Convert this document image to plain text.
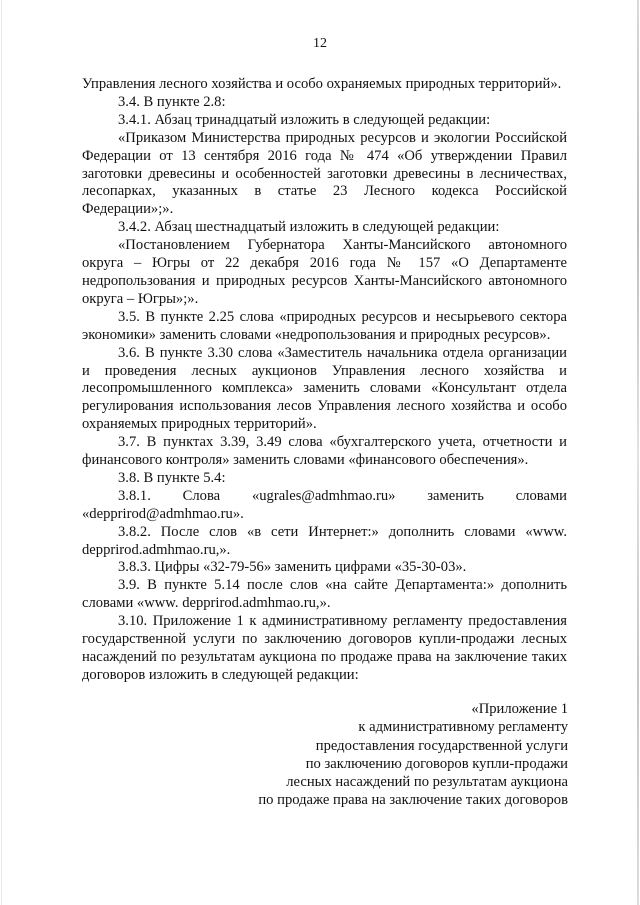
12

Управления лесного хозяйства и особо охраняемых природных территорий».

3.4. В пункте 2.8:

3.4.1. Абзац тринадцатый изложить в следующей редакции:

«Приказом Министерства природных ресурсов и экологии Российской Федерации от 13 сентября 2016 года № 474 «Об утверждении Правил заготовки древесины и особенностей заготовки древесины в лесничествах, лесопарках, указанных в статье 23 Лесного кодекса Российской Федерации»;».

3.4.2. Абзац шестнадцатый изложить в следующей редакции:

«Постановлением Губернатора Ханты-Мансийского автономного округа – Югры от 22 декабря 2016 года № 157 «О Департаменте недропользования и природных ресурсов Ханты-Мансийского автономного округа – Югры»;».

3.5. В пункте 2.25 слова «природных ресурсов и несырьевого сектора экономики» заменить словами «недропользования и природных ресурсов».

3.6. В пункте 3.30 слова «Заместитель начальника отдела организации и проведения лесных аукционов Управления лесного хозяйства и лесопромышленного комплекса» заменить словами «Консультант отдела регулирования использования лесов Управления лесного хозяйства и особо охраняемых природных территорий».

3.7. В пунктах 3.39, 3.49 слова «бухгалтерского учета, отчетности и финансового контроля» заменить словами «финансового обеспечения».

3.8. В пункте 5.4:

3.8.1. Слова «ugrales@admhmao.ru» заменить словами «depprirod@admhmao.ru».

3.8.2. После слов «в сети Интернет:» дополнить словами «www. depprirod.admhmao.ru,».

3.8.3. Цифры «32-79-56» заменить цифрами «35-30-03».

3.9. В пункте 5.14 после слов «на сайте Департамента:» дополнить словами «www. depprirod.admhmao.ru,».

3.10. Приложение 1 к административному регламенту предоставления государственной услуги по заключению договоров купли-продажи лесных насаждений по результатам аукциона по продаже права на заключение таких договоров изложить в следующей редакции:

«Приложение 1
к административному регламенту
предоставления государственной услуги
по заключению договоров купли-продажи
лесных насаждений по результатам аукциона
по продаже права на заключение таких договоров
